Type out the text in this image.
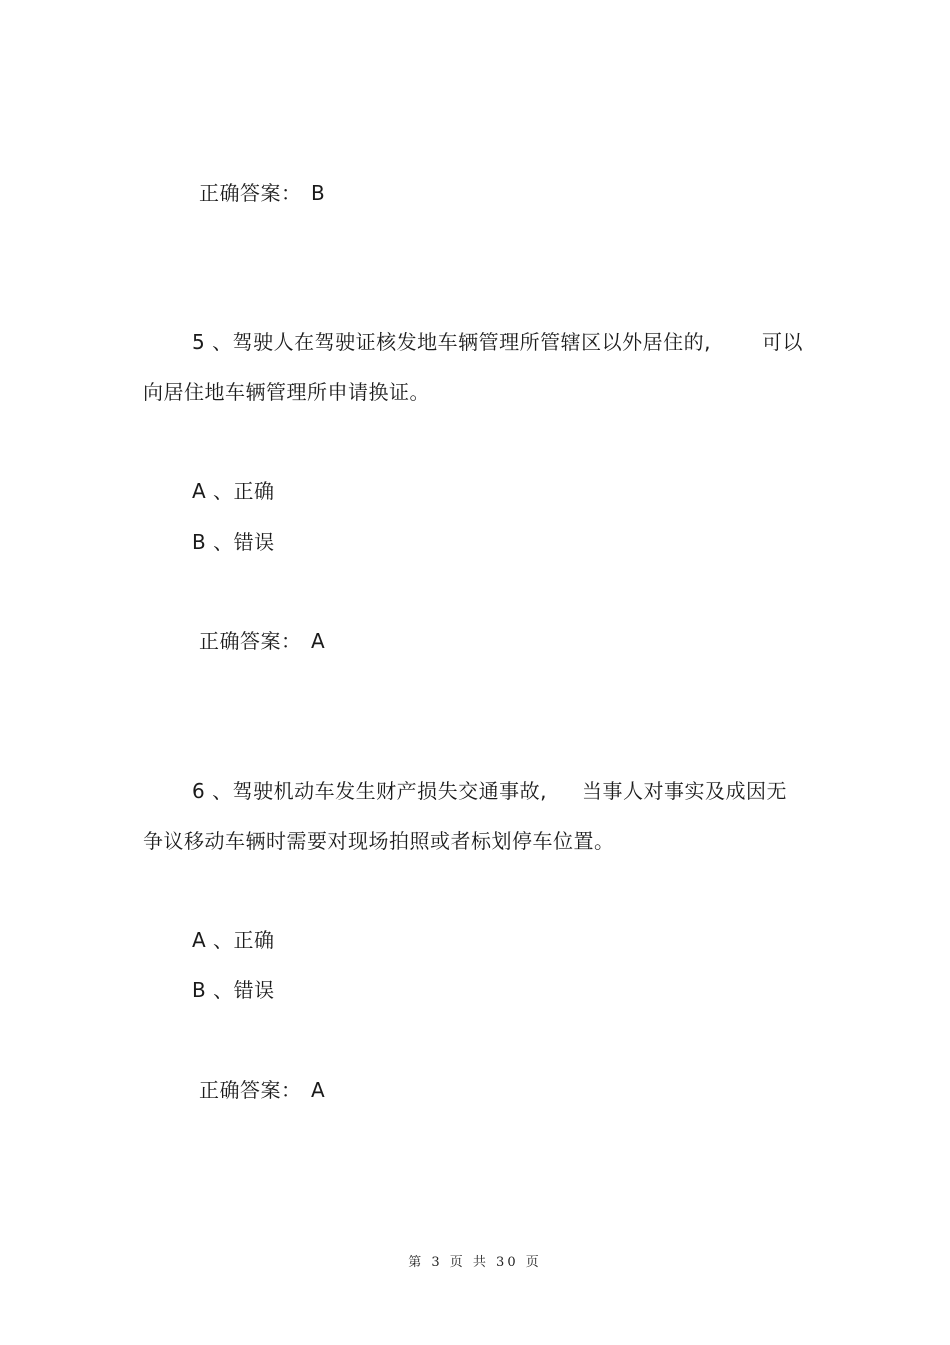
正确答案： B
5 、驾驶人在驾驶证核发地车辆管理所管辖区以外居住的,	可以
向居住地车辆管理所申请换证。
A 、正确
B 、错误
正确答案： A
6 、驾驶机动车发生财产损失交通事故, 当事人对事实及成因无
争议移动车辆时需要对现场拍照或者标划停车位置。
A 、正确
B 、错误
正确答案： A
第 3 页 共 30 页
